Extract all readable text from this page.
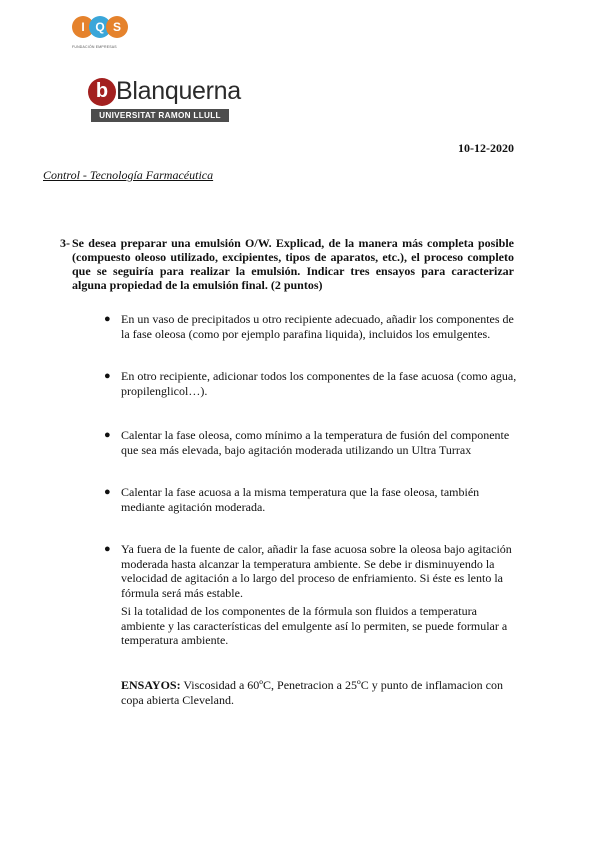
I Q S
FUNDACIÓN EMPRESAS
b Blanquerna
UNIVERSITAT RAMON LLULL
10-12-2020
Control - Tecnología Farmacéutica
3- Se desea preparar una emulsión O/W. Explicad, de la manera más completa posible (compuesto oleoso utilizado, excipientes, tipos de aparatos, etc.), el proceso completo que se seguiría para realizar la emulsión. Indicar tres ensayos para caracterizar alguna propiedad de la emulsión final. (2 puntos)
● En un vaso de precipitados u otro recipiente adecuado, añadir los componentes de la fase oleosa (como por ejemplo parafina liquida), incluidos los emulgentes.
● En otro recipiente, adicionar todos los componentes de la fase acuosa (como agua, propilenglicol…).
● Calentar la fase oleosa, como mínimo a la temperatura de fusión del componente que sea más elevada, bajo agitación moderada utilizando un Ultra Turrax
● Calentar la fase acuosa a la misma temperatura que la fase oleosa, también mediante agitación moderada.
● Ya fuera de la fuente de calor, añadir la fase acuosa sobre la oleosa bajo agitación moderada hasta alcanzar la temperatura ambiente. Se debe ir disminuyendo la velocidad de agitación a lo largo del proceso de enfriamiento. Si éste es lento la fórmula será más estable.
Si la totalidad de los componentes de la fórmula son fluidos a temperatura ambiente y las características del emulgente así lo permiten, se puede formular a temperatura ambiente.
ENSAYOS: Viscosidad a 60ºC, Penetracion a 25ºC y punto de inflamacion con copa abierta Cleveland.
